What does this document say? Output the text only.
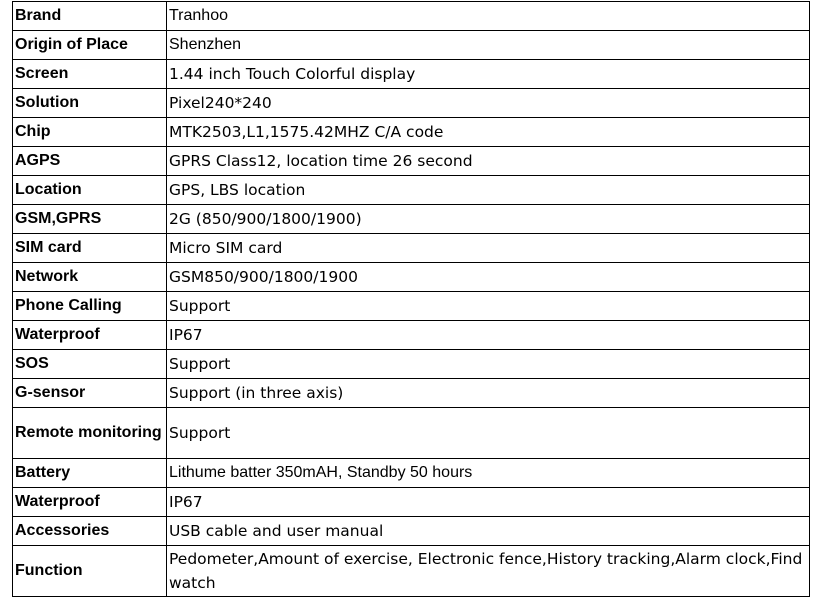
Brand	Tranhoo
Origin of Place	Shenzhen
Screen	1.44 inch Touch Colorful display
Solution	Pixel240*240
Chip	MTK2503,L1,1575.42MHZ C/A code
AGPS	GPRS Class12, location time 26 second
Location	GPS, LBS location
GSM,GPRS	2G (850/900/1800/1900)
SIM card	Micro SIM card
Network	GSM850/900/1800/1900
Phone Calling	Support
Waterproof	IP67
SOS	Support
G-sensor	Support (in three axis)
Remote monitoring	Support
Battery	Lithume batter 350mAH, Standby 50 hours
Waterproof	IP67
Accessories	USB cable and user manual
Function	Pedometer,Amount of exercise, Electronic fence,History tracking,Alarm clock,Find watch
